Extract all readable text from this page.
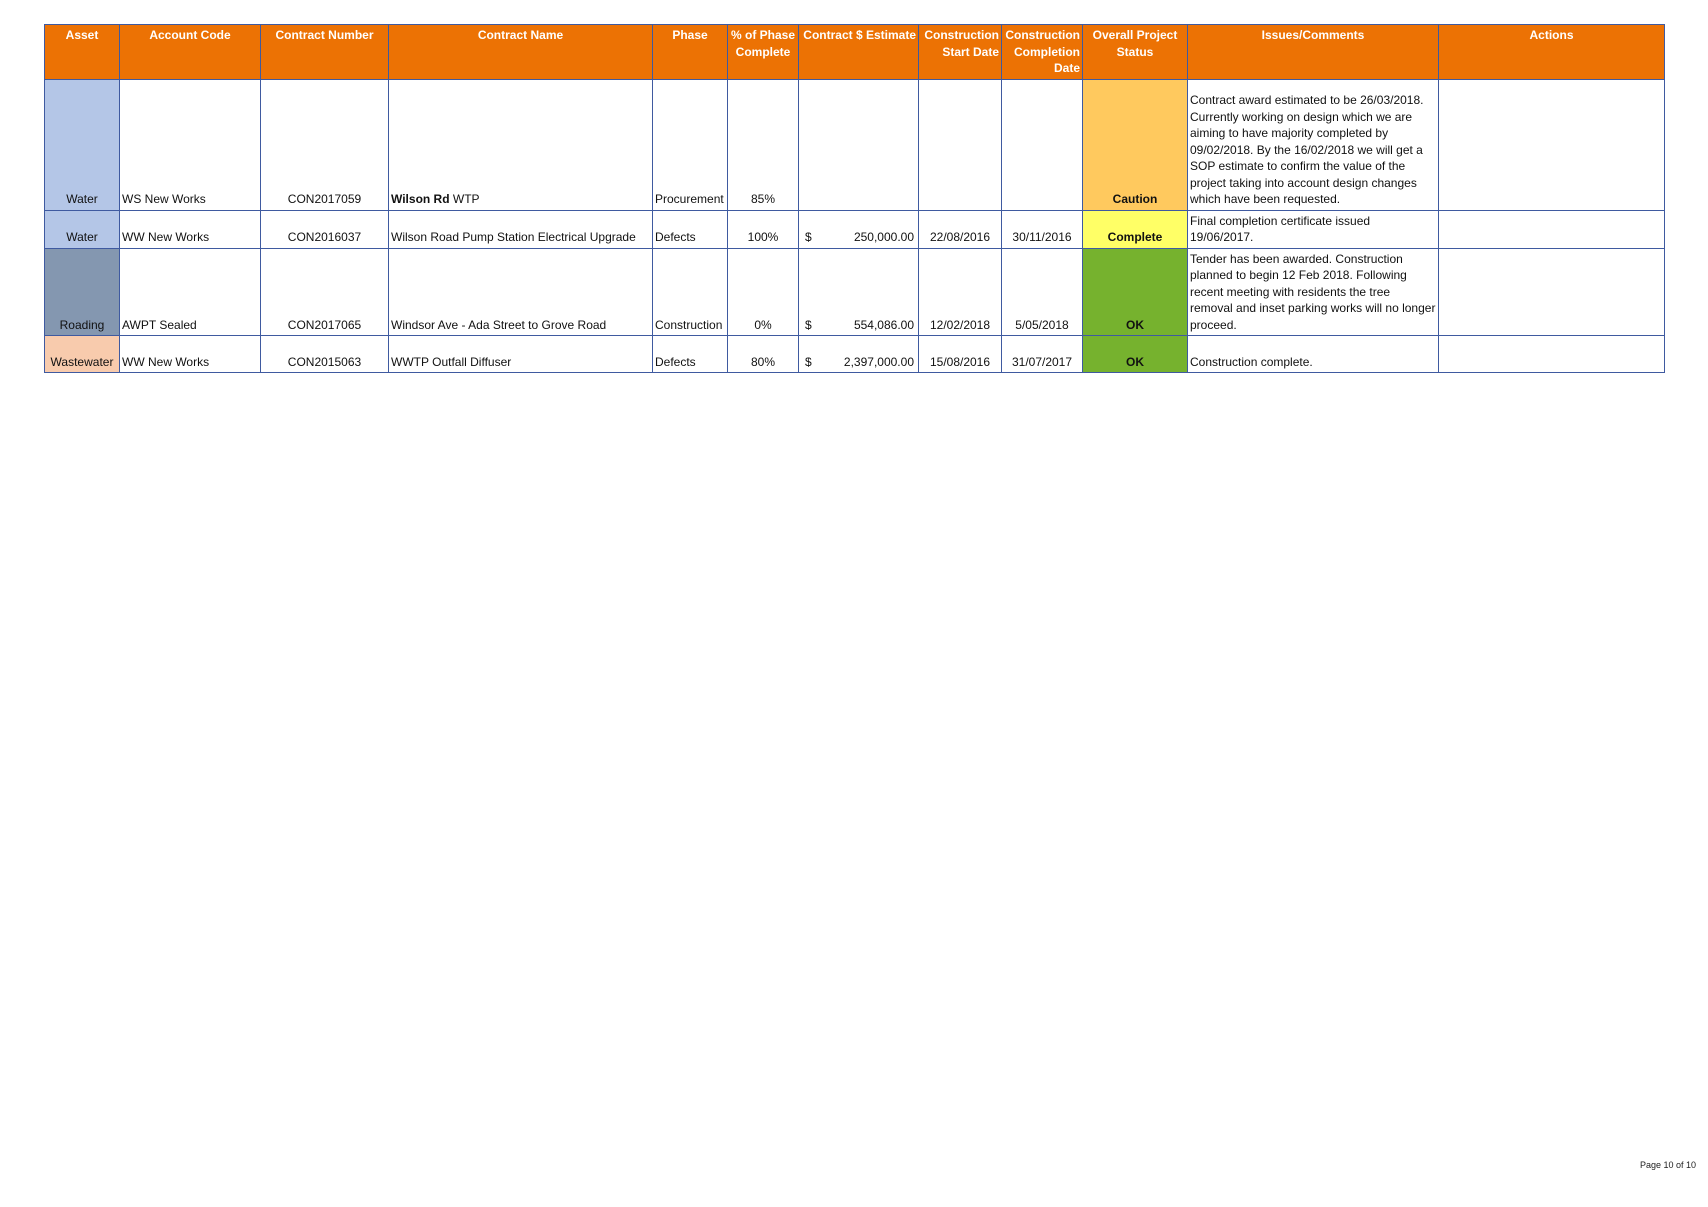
Asset	Account Code	Contract Number	Contract Name	Phase	% of Phase Complete	Contract $ Estimate	Construction Start Date	Construction Completion Date	Overall Project Status	Issues/Comments	Actions
Water	WS New Works	CON2017059	Wilson Rd WTP	Procurement	85%				Caution	Contract award estimated to be 26/03/2018. Currently working on design which we are aiming to have majority completed by 09/02/2018. By the 16/02/2018 we will get a SOP estimate to confirm the value of the project taking into account design changes which have been requested.	
Water	WW New Works	CON2016037	Wilson Road Pump Station Electrical Upgrade	Defects	100%	$ 250,000.00	22/08/2016	30/11/2016	Complete	Final completion certificate issued 19/06/2017.	
Roading	AWPT Sealed	CON2017065	Windsor Ave - Ada Street to Grove Road	Construction	0%	$ 554,086.00	12/02/2018	5/05/2018	OK	Tender has been awarded. Construction planned to begin 12 Feb 2018. Following recent meeting with residents the tree removal and inset parking works will no longer proceed.	
Wastewater	WW New Works	CON2015063	WWTP Outfall Diffuser	Defects	80%	$ 2,397,000.00	15/08/2016	31/07/2017	OK	Construction complete.	
Page 10 of 10
